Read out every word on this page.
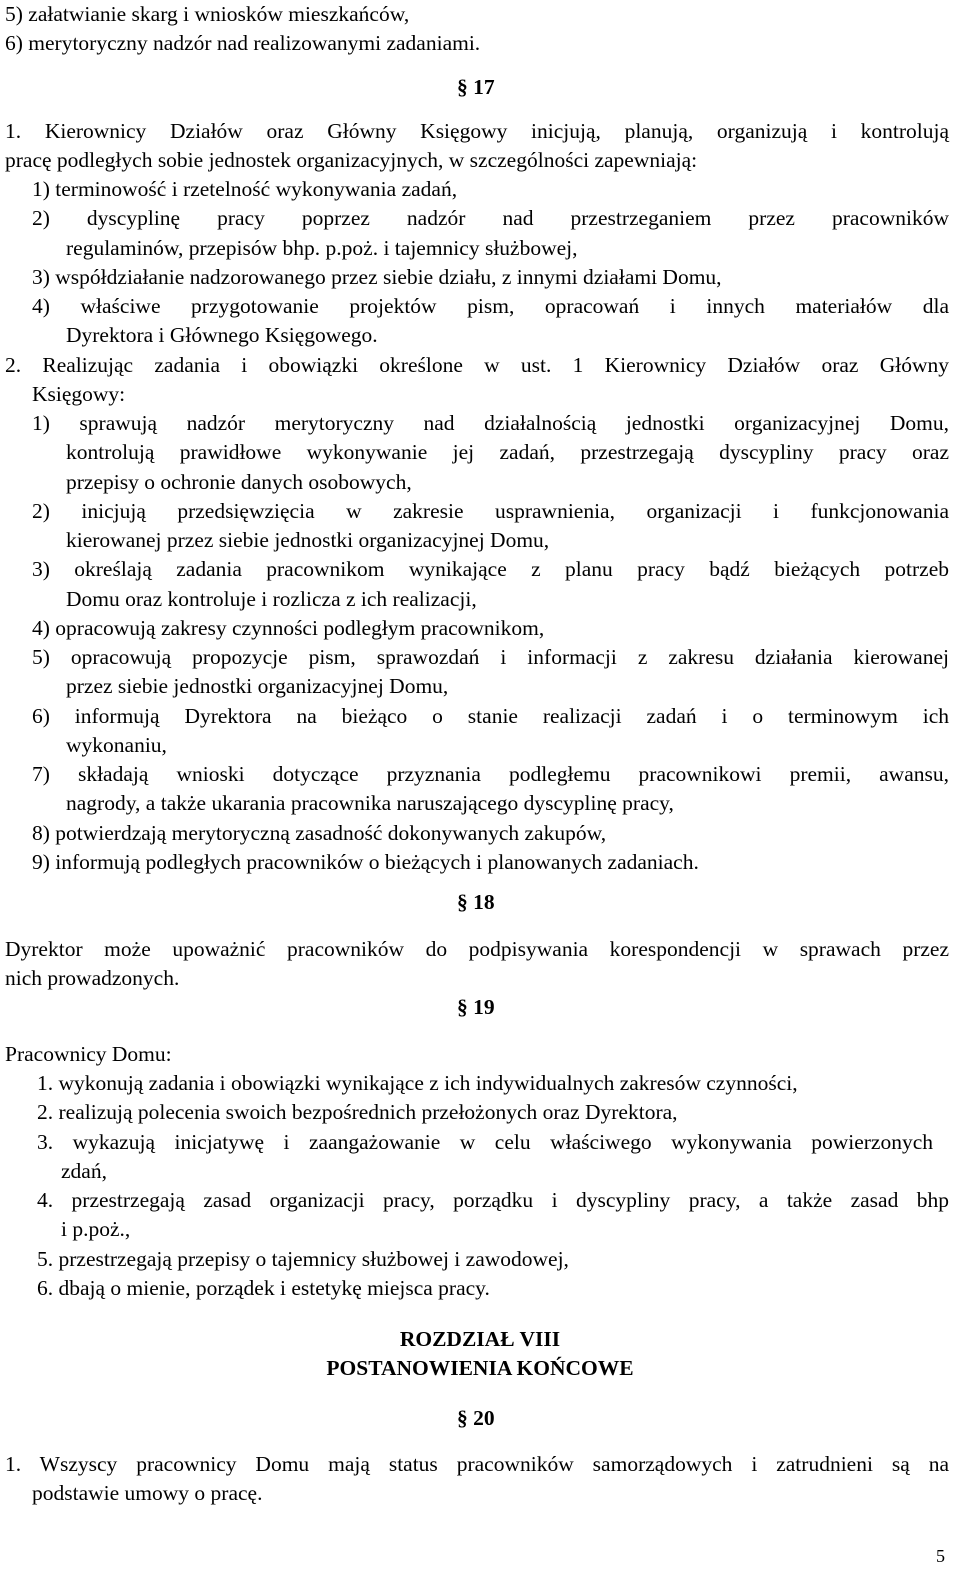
5) załatwianie skarg i wniosków mieszkańców,
6) merytoryczny nadzór nad realizowanymi zadaniami.
§ 17
1. Kierownicy Działów oraz Główny Księgowy inicjują, planują, organizują i kontrolują
pracę podległych sobie jednostek organizacyjnych, w szczególności zapewniają:
1) terminowość i rzetelność wykonywania zadań,
2) dyscyplinę pracy poprzez nadzór nad przestrzeganiem przez pracowników
regulaminów, przepisów bhp. p.poż. i tajemnicy służbowej,
3) współdziałanie nadzorowanego przez siebie działu, z innymi działami Domu,
4) właściwe przygotowanie projektów pism, opracowań i innych materiałów dla
Dyrektora i Głównego Księgowego.
2. Realizując zadania i obowiązki określone w ust. 1 Kierownicy Działów oraz Główny
Księgowy:
1) sprawują nadzór merytoryczny nad działalnością jednostki organizacyjnej Domu,
kontrolują prawidłowe wykonywanie jej zadań, przestrzegają dyscypliny pracy oraz
przepisy o ochronie danych osobowych,
2) inicjują przedsięwzięcia w zakresie usprawnienia, organizacji i funkcjonowania
kierowanej przez siebie jednostki organizacyjnej Domu,
3) określają zadania pracownikom wynikające z planu pracy bądź bieżących potrzeb
Domu oraz kontroluje i rozlicza z ich realizacji,
4) opracowują zakresy czynności podległym pracownikom,
5) opracowują propozycje pism, sprawozdań i informacji z zakresu działania kierowanej
przez siebie jednostki organizacyjnej Domu,
6) informują Dyrektora na bieżąco o stanie realizacji zadań i o terminowym ich
wykonaniu,
7) składają wnioski dotyczące przyznania podległemu pracownikowi premii, awansu,
nagrody, a także ukarania pracownika naruszającego dyscyplinę pracy,
8) potwierdzają merytoryczną zasadność dokonywanych zakupów,
9) informują podległych pracowników o bieżących i planowanych zadaniach.
§ 18
Dyrektor może upoważnić pracowników do podpisywania korespondencji w sprawach przez
nich prowadzonych.
§ 19
Pracownicy Domu:
1. wykonują zadania i obowiązki wynikające z ich indywidualnych zakresów czynności,
2. realizują polecenia swoich bezpośrednich przełożonych oraz Dyrektora,
3. wykazują inicjatywę i zaangażowanie w celu właściwego wykonywania powierzonych
zdań,
4. przestrzegają zasad organizacji pracy, porządku i dyscypliny pracy, a także zasad bhp
i p.poż.,
5. przestrzegają przepisy o tajemnicy służbowej i zawodowej,
6. dbają o mienie, porządek i estetykę miejsca pracy.
ROZDZIAŁ VIII
POSTANOWIENIA KOŃCOWE
§ 20
1. Wszyscy pracownicy Domu mają status pracowników samorządowych i zatrudnieni są na
podstawie umowy o pracę.
5
